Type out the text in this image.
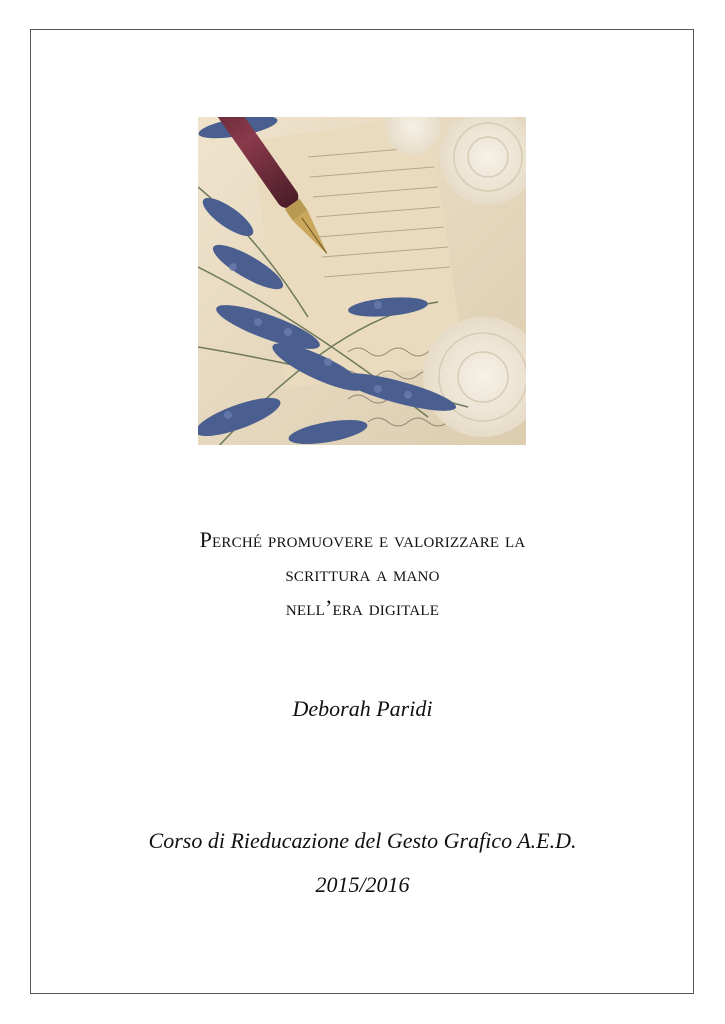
Perché promuovere e valorizzare la
scrittura a mano
nell’era digitale
Deborah Paridi
Corso di Rieducazione del Gesto Grafico A.E.D.
2015/2016
